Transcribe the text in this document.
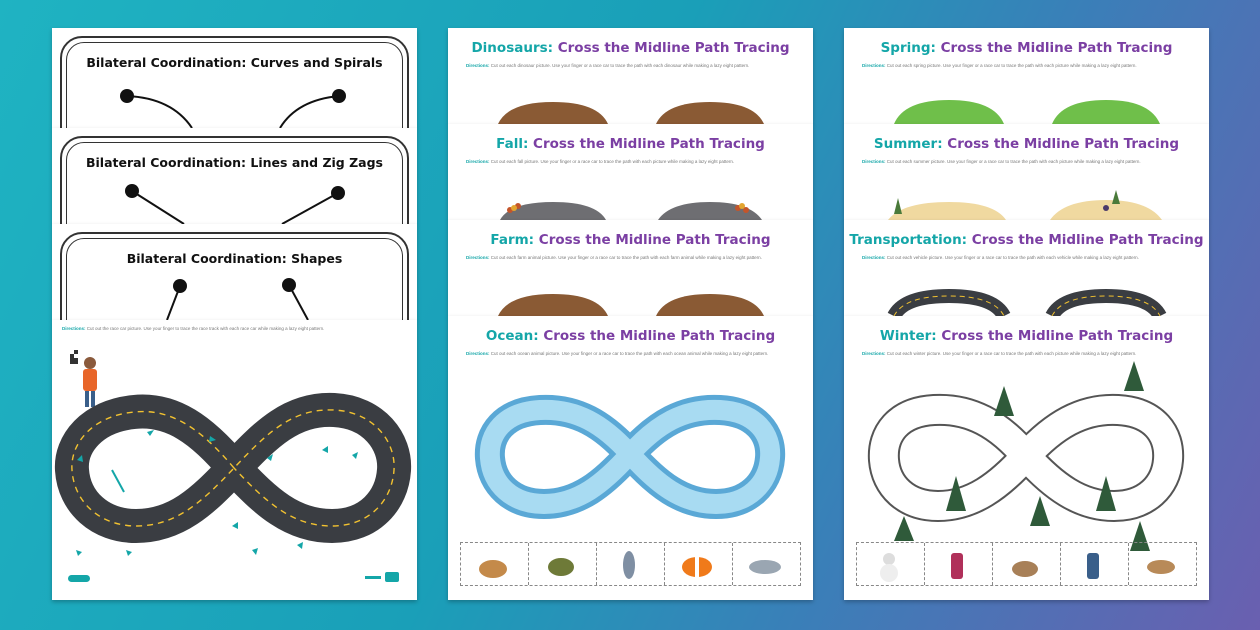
Bilateral Coordination: Curves and Spirals
Bilateral Coordination: Lines and Zig Zags
Bilateral Coordination: Shapes
Directions: Cut out the race car picture. Use your finger to trace the race track with each race car while making a lazy eight pattern.
Dinosaurs: Cross the Midline Path Tracing
Directions: Cut out each dinosaur picture. Use your finger or a race car to trace the path with each dinosaur while making a lazy eight pattern.
Fall: Cross the Midline Path Tracing
Directions: Cut out each fall picture. Use your finger or a race car to trace the path with each picture while making a lazy eight pattern.
Farm: Cross the Midline Path Tracing
Directions: Cut out each farm animal picture. Use your finger or a race car to trace the path with each farm animal while making a lazy eight pattern.
Ocean: Cross the Midline Path Tracing
Directions: Cut out each ocean animal picture. Use your finger or a race car to trace the path with each ocean animal while making a lazy eight pattern.
Spring: Cross the Midline Path Tracing
Directions: Cut out each spring picture. Use your finger or a race car to trace the path with each picture while making a lazy eight pattern.
Summer: Cross the Midline Path Tracing
Directions: Cut out each summer picture. Use your finger or a race car to trace the path with each picture while making a lazy eight pattern.
Transportation: Cross the Midline Path Tracing
Directions: Cut out each vehicle picture. Use your finger or a race car to trace the path with each vehicle while making a lazy eight pattern.
Winter: Cross the Midline Path Tracing
Directions: Cut out each winter picture. Use your finger or a race car to trace the path with each picture while making a lazy eight pattern.
